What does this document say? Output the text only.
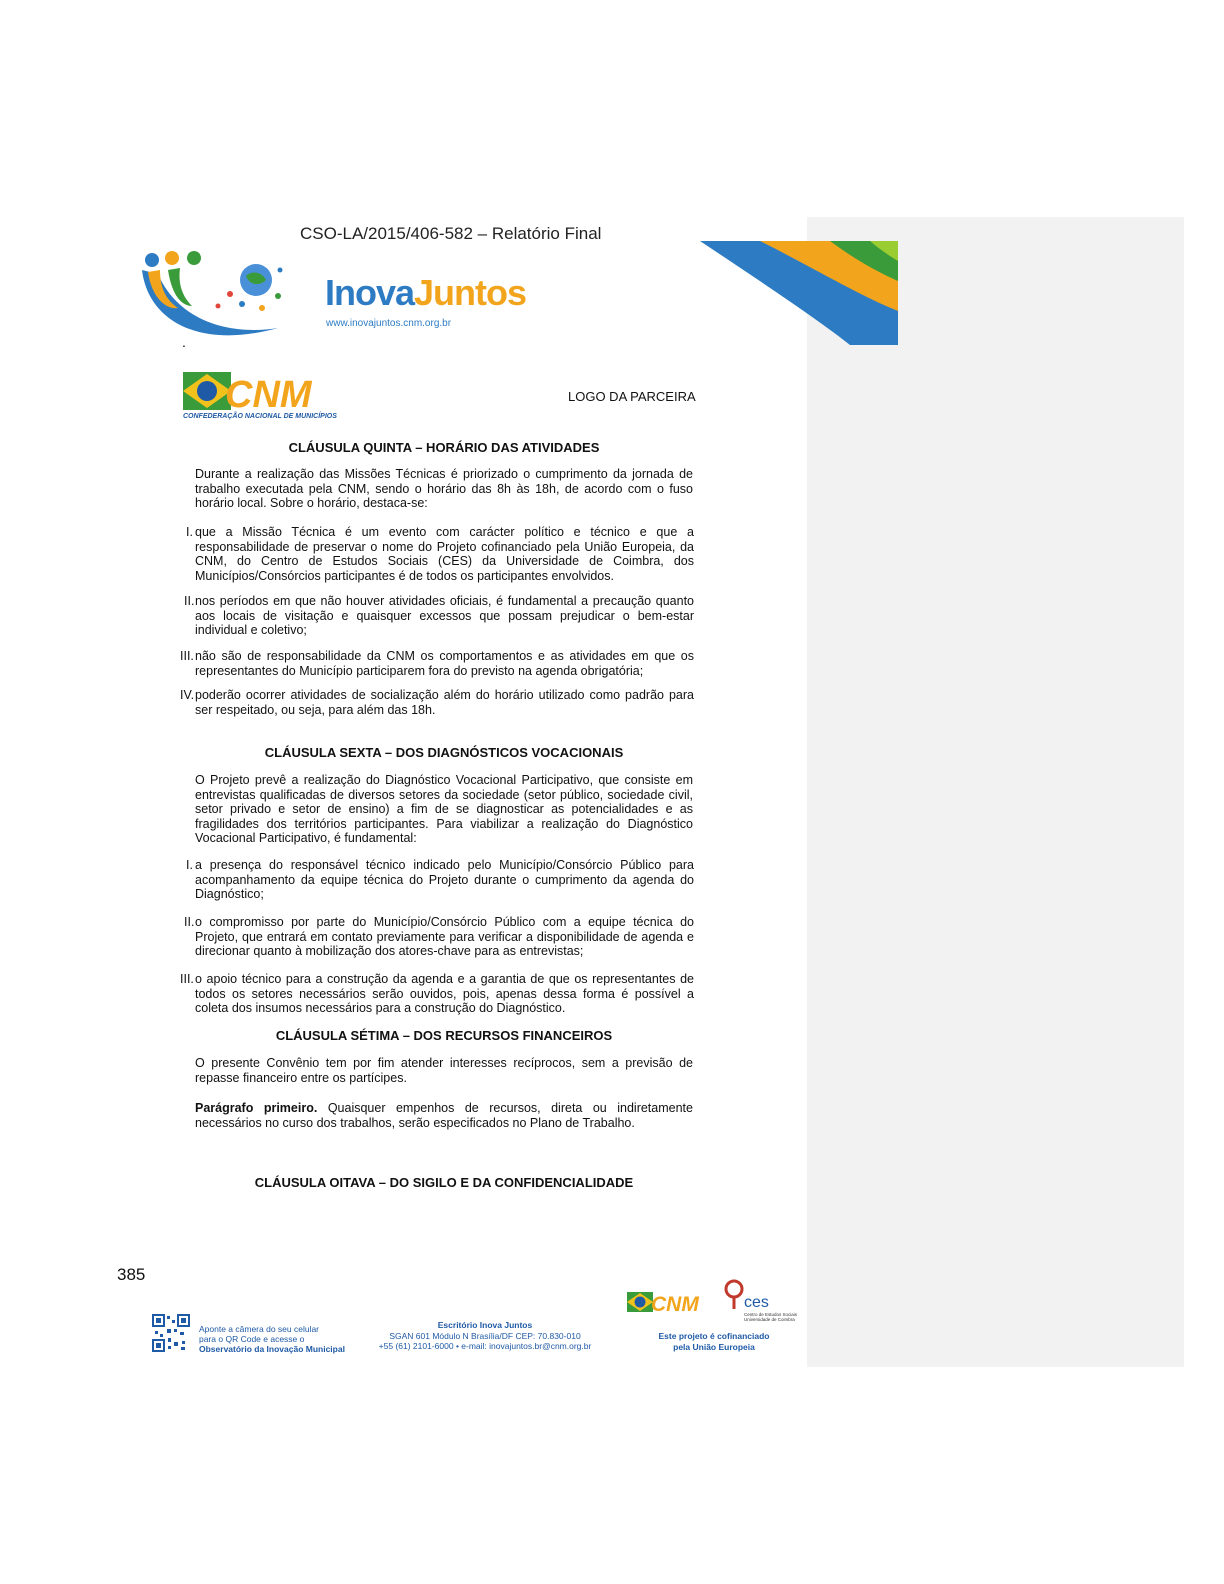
CSO-LA/2015/406-582 – Relatório Final
InovaJuntos
www.inovajuntos.cnm.org.br
.
CNM
CONFEDERAÇÃO NACIONAL DE MUNICÍPIOS
LOGO DA PARCEIRA
CLÁUSULA QUINTA – HORÁRIO DAS ATIVIDADES
Durante a realização das Missões Técnicas é priorizado o cumprimento da jornada de trabalho executada pela CNM, sendo o horário das 8h às 18h, de acordo com o fuso horário local. Sobre o horário, destaca-se:
I. que a Missão Técnica é um evento com carácter político e técnico e que a responsabilidade de preservar o nome do Projeto cofinanciado pela União Europeia, da CNM, do Centro de Estudos Sociais (CES) da Universidade de Coimbra, dos Municípios/Consórcios participantes é de todos os participantes envolvidos.
II. nos períodos em que não houver atividades oficiais, é fundamental a precaução quanto aos locais de visitação e quaisquer excessos que possam prejudicar o bem-estar individual e coletivo;
III. não são de responsabilidade da CNM os comportamentos e as atividades em que os representantes do Município participarem fora do previsto na agenda obrigatória;
IV. poderão ocorrer atividades de socialização além do horário utilizado como padrão para ser respeitado, ou seja, para além das 18h.
CLÁUSULA SEXTA – DOS DIAGNÓSTICOS VOCACIONAIS
O Projeto prevê a realização do Diagnóstico Vocacional Participativo, que consiste em entrevistas qualificadas de diversos setores da sociedade (setor público, sociedade civil, setor privado e setor de ensino) a fim de se diagnosticar as potencialidades e as fragilidades dos territórios participantes. Para viabilizar a realização do Diagnóstico Vocacional Participativo, é fundamental:
I. a presença do responsável técnico indicado pelo Município/Consórcio Público para acompanhamento da equipe técnica do Projeto durante o cumprimento da agenda do Diagnóstico;
II. o compromisso por parte do Município/Consórcio Público com a equipe técnica do Projeto, que entrará em contato previamente para verificar a disponibilidade de agenda e direcionar quanto à mobilização dos atores-chave para as entrevistas;
III. o apoio técnico para a construção da agenda e a garantia de que os representantes de todos os setores necessários serão ouvidos, pois, apenas dessa forma é possível a coleta dos insumos necessários para a construção do Diagnóstico.
CLÁUSULA SÉTIMA – DOS RECURSOS FINANCEIROS
O presente Convênio tem por fim atender interesses recíprocos, sem a previsão de repasse financeiro entre os partícipes.
Parágrafo primeiro. Quaisquer empenhos de recursos, direta ou indiretamente necessários no curso dos trabalhos, serão especificados no Plano de Trabalho.
CLÁUSULA OITAVA – DO SIGILO E DA CONFIDENCIALIDADE
385
Aponte a câmera do seu celular
para o QR Code e acesse o
Observatório da Inovação Municipal
Escritório Inova Juntos
SGAN 601 Módulo N Brasília/DF CEP: 70.830-010
+55 (61) 2101-6000 • e-mail: inovajuntos.br@cnm.org.br
CNM	ces
Centro de Estudos Sociais
Universidade de Coimbra
Este projeto é cofinanciado
pela União Europeia
